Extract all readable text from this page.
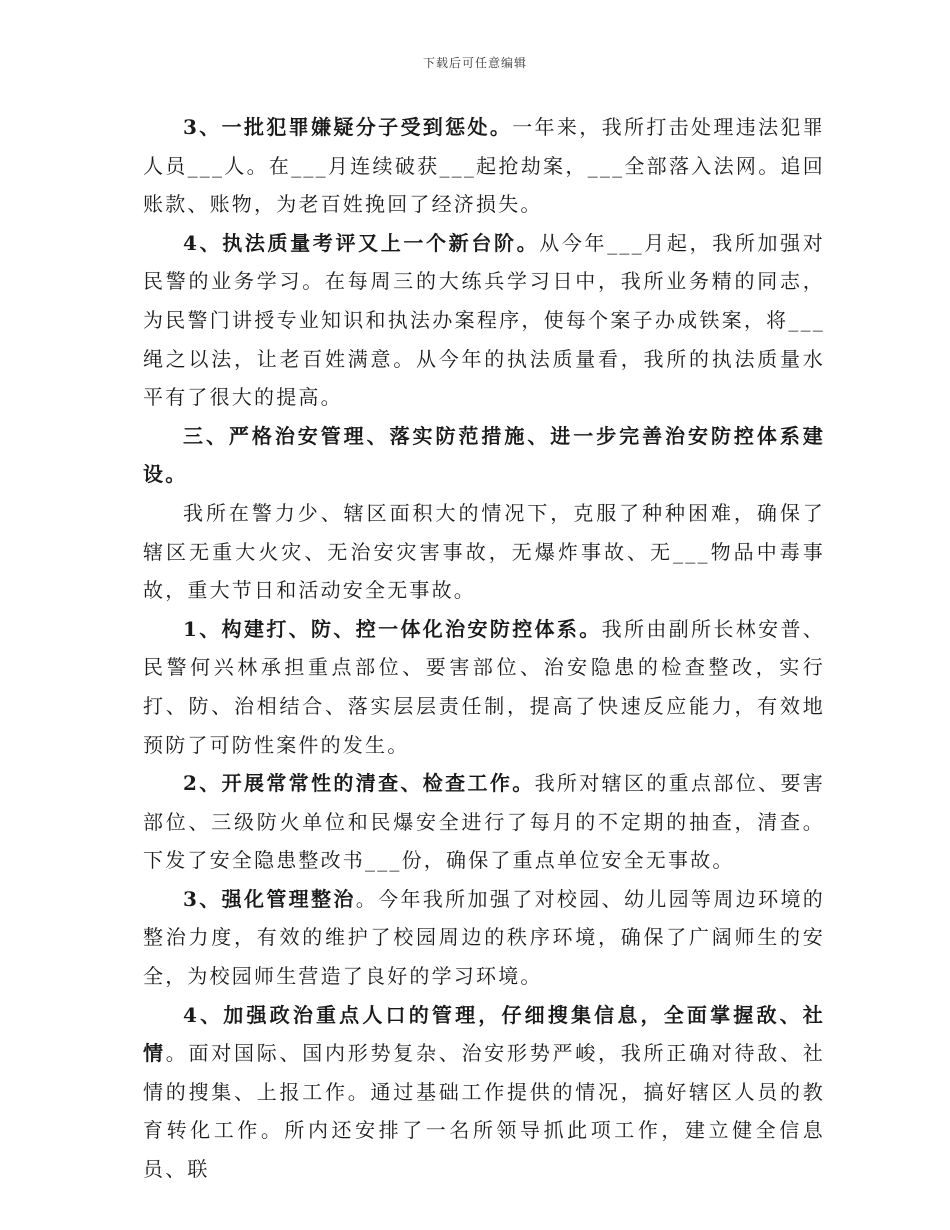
下载后可任意编辑

3、一批犯罪嫌疑分子受到惩处。一年来，我所打击处理违法犯罪人员___人。在___月连续破获___起抢劫案，___全部落入法网。追回账款、账物，为老百姓挽回了经济损失。

4、执法质量考评又上一个新台阶。从今年___月起，我所加强对民警的业务学习。在每周三的大练兵学习日中，我所业务精的同志，为民警门讲授专业知识和执法办案程序，使每个案子办成铁案，将___绳之以法，让老百姓满意。从今年的执法质量看，我所的执法质量水平有了很大的提高。

三、严格治安管理、落实防范措施、进一步完善治安防控体系建设。

我所在警力少、辖区面积大的情况下，克服了种种困难，确保了辖区无重大火灾、无治安灾害事故，无爆炸事故、无___物品中毒事故，重大节日和活动安全无事故。

1、构建打、防、控一体化治安防控体系。我所由副所长林安普、民警何兴林承担重点部位、要害部位、治安隐患的检查整改，实行打、防、治相结合、落实层层责任制，提高了快速反应能力，有效地预防了可防性案件的发生。

2、开展常常性的清查、检查工作。我所对辖区的重点部位、要害部位、三级防火单位和民爆安全进行了每月的不定期的抽查，清查。下发了安全隐患整改书___份，确保了重点单位安全无事故。

3、强化管理整治。今年我所加强了对校园、幼儿园等周边环境的整治力度，有效的维护了校园周边的秩序环境，确保了广阔师生的安全，为校园师生营造了良好的学习环境。

4、加强政治重点人口的管理，仔细搜集信息，全面掌握敌、社情。面对国际、国内形势复杂、治安形势严峻，我所正确对待敌、社情的搜集、上报工作。通过基础工作提供的情况，搞好辖区人员的教育转化工作。所内还安排了一名所领导抓此项工作，建立健全信息员、联
